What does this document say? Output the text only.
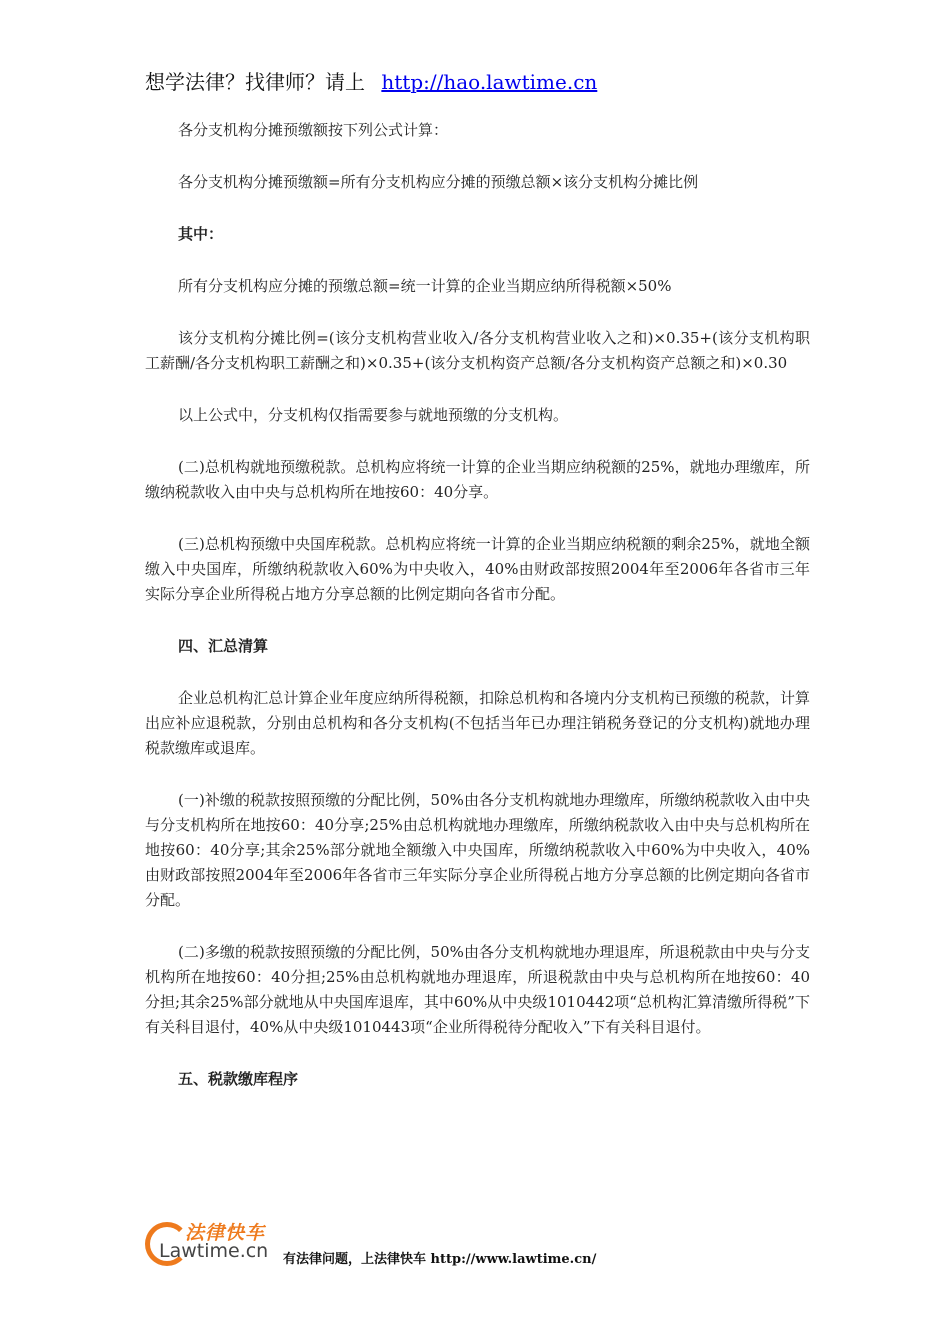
想学法律？找律师？请上 http://hao.lawtime.cn

各分支机构分摊预缴额按下列公式计算：

各分支机构分摊预缴额=所有分支机构应分摊的预缴总额×该分支机构分摊比例

其中：

所有分支机构应分摊的预缴总额=统一计算的企业当期应纳所得税额×50%

该分支机构分摊比例=(该分支机构营业收入/各分支机构营业收入之和)×0.35+(该分支机构职工薪酬/各分支机构职工薪酬之和)×0.35+(该分支机构资产总额/各分支机构资产总额之和)×0.30

以上公式中，分支机构仅指需要参与就地预缴的分支机构。

(二)总机构就地预缴税款。总机构应将统一计算的企业当期应纳税额的25%，就地办理缴库，所缴纳税款收入由中央与总机构所在地按60：40分享。

(三)总机构预缴中央国库税款。总机构应将统一计算的企业当期应纳税额的剩余25%，就地全额缴入中央国库，所缴纳税款收入60%为中央收入，40%由财政部按照2004年至2006年各省市三年实际分享企业所得税占地方分享总额的比例定期向各省市分配。

四、汇总清算

企业总机构汇总计算企业年度应纳所得税额，扣除总机构和各境内分支机构已预缴的税款，计算出应补应退税款，分别由总机构和各分支机构(不包括当年已办理注销税务登记的分支机构)就地办理税款缴库或退库。

(一)补缴的税款按照预缴的分配比例，50%由各分支机构就地办理缴库，所缴纳税款收入由中央与分支机构所在地按60：40分享;25%由总机构就地办理缴库，所缴纳税款收入由中央与总机构所在地按60：40分享;其余25%部分就地全额缴入中央国库，所缴纳税款收入中60%为中央收入，40%由财政部按照2004年至2006年各省市三年实际分享企业所得税占地方分享总额的比例定期向各省市分配。

(二)多缴的税款按照预缴的分配比例，50%由各分支机构就地办理退库，所退税款由中央与分支机构所在地按60：40分担;25%由总机构就地办理退库，所退税款由中央与总机构所在地按60：40分担;其余25%部分就地从中央国库退库，其中60%从中央级1010442项“总机构汇算清缴所得税”下有关科目退付，40%从中央级1010443项“企业所得税待分配收入”下有关科目退付。

五、税款缴库程序

法律快车
Lawtime.cn 有法律问题，上法律快车 http://www.lawtime.cn/
